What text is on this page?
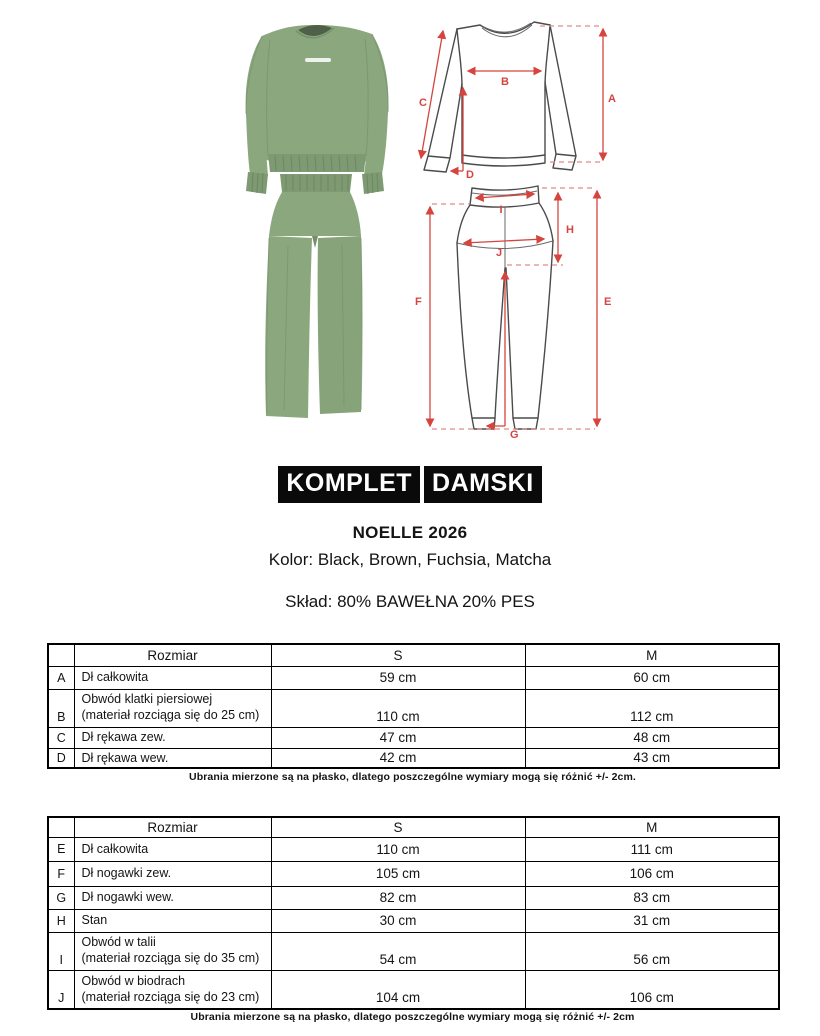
A
B
C
D
I
F	E
H
J
G
KOMPLET DAMSKI
NOELLE 2026
Kolor: Black, Brown, Fuchsia, Matcha
Skład: 80% BAWEŁNA 20% PES
	Rozmiar	S	M
A	Dł całkowita	59 cm	60 cm
B	Obwód klatki piersiowej
(materiał rozciąga się do 25 cm)	110 cm	112 cm
C	Dł rękawa zew.	47 cm	48 cm
D	Dł rękawa wew.	42 cm	43 cm
Ubrania mierzone są na płasko, dlatego poszczególne wymiary mogą się różnić +/- 2cm.
	Rozmiar	S	M
E	Dł całkowita	110 cm	111 cm
F	Dł nogawki zew.	105 cm	106 cm
G	Dł nogawki wew.	82 cm	83 cm
H	Stan	30 cm	31 cm
I	Obwód w talii
(materiał rozciąga się do 35 cm)	54 cm	56 cm
J	Obwód w biodrach
(materiał rozciąga się do 23 cm)	104 cm	106 cm
Ubrania mierzone są na płasko, dlatego poszczególne wymiary mogą się różnić +/- 2cm
